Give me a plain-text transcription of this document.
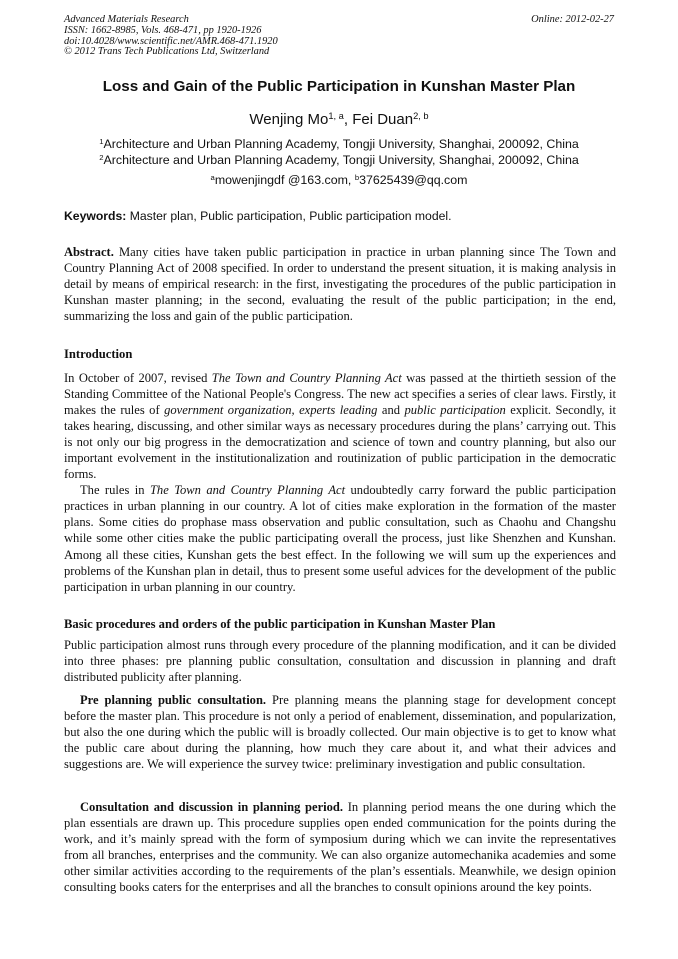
Advanced Materials Research
ISSN: 1662-8985, Vols. 468-471, pp 1920-1926
doi:10.4028/www.scientific.net/AMR.468-471.1920
© 2012 Trans Tech Publications Ltd, Switzerland
Online: 2012-02-27
Loss and Gain of the Public Participation in Kunshan Master Plan
Wenjing Mo$^{1, a}$, Fei Duan$^{2, b}$
$^1$Architecture and Urban Planning Academy, Tongji University, Shanghai, 200092, China
$^2$Architecture and Urban Planning Academy, Tongji University, Shanghai, 200092, China
$^a$mowenjingdf @163.com, $^b$37625439@qq.com
Keywords: Master plan, Public participation, Public participation model.

Abstract. Many cities have taken public participation in practice in urban planning since The Town and Country Planning Act of 2008 specified. In order to understand the present situation, it is making analysis in detail by means of empirical research: in the first, investigating the procedures of the public participation in Kunshan master planning; in the second, evaluating the result of the public participation; in the end, summarizing the loss and gain of the public participation.

Introduction

In October of 2007, revised The Town and Country Planning Act was passed at the thirtieth session of the Standing Committee of the National People's Congress. The new act specifies a series of clear laws. Firstly, it makes the rules of government organization, experts leading and public participation explicit. Secondly, it takes hearing, discussing, and other similar ways as necessary procedures during the plans’ carrying out. This is not only our big progress in the democratization and science of town and country planning, but also our important evolvement in the institutionalization and routinization of public participation in the democratic forms.

The rules in The Town and Country Planning Act undoubtedly carry forward the public participation practices in urban planning in our country. A lot of cities make exploration in the formation of the master plans. Some cities do prophase mass observation and public consultation, such as Chaohu and Changshu while some other cities make the public participating overall the process, just like Shenzhen and Kunshan. Among all these cities, Kunshan gets the best effect. In the following we will sum up the experiences and problems of the Kunshan plan in detail, thus to present some useful advices for the development of the public participation in urban planning in our country.

Basic procedures and orders of the public participation in Kunshan Master Plan

Public participation almost runs through every procedure of the planning modification, and it can be divided into three phases: pre planning public consultation, consultation and discussion in planning and draft distributed publicity after planning.

Pre planning public consultation. Pre planning means the planning stage for development concept before the master plan. This procedure is not only a period of enablement, dissemination, and popularization, but also the one during which the public will is broadly collected. Our main objective is to get to know what the public care about during the planning, how much they care about it, and what their advices and suggestions are. We will experience the survey twice: preliminary investigation and public consultation.

Consultation and discussion in planning period. In planning period means the one during which the plan essentials are drawn up. This procedure supplies open ended communication for the points during the work, and it’s mainly spread with the form of symposium during which we can invite the representatives from all branches, enterprises and the community. We can also organize automechanika academies and some other similar activities according to the requirements of the plan’s essentials. Meanwhile, we design opinion consulting books caters for the enterprises and all the branches to consult opinions around the key points.
